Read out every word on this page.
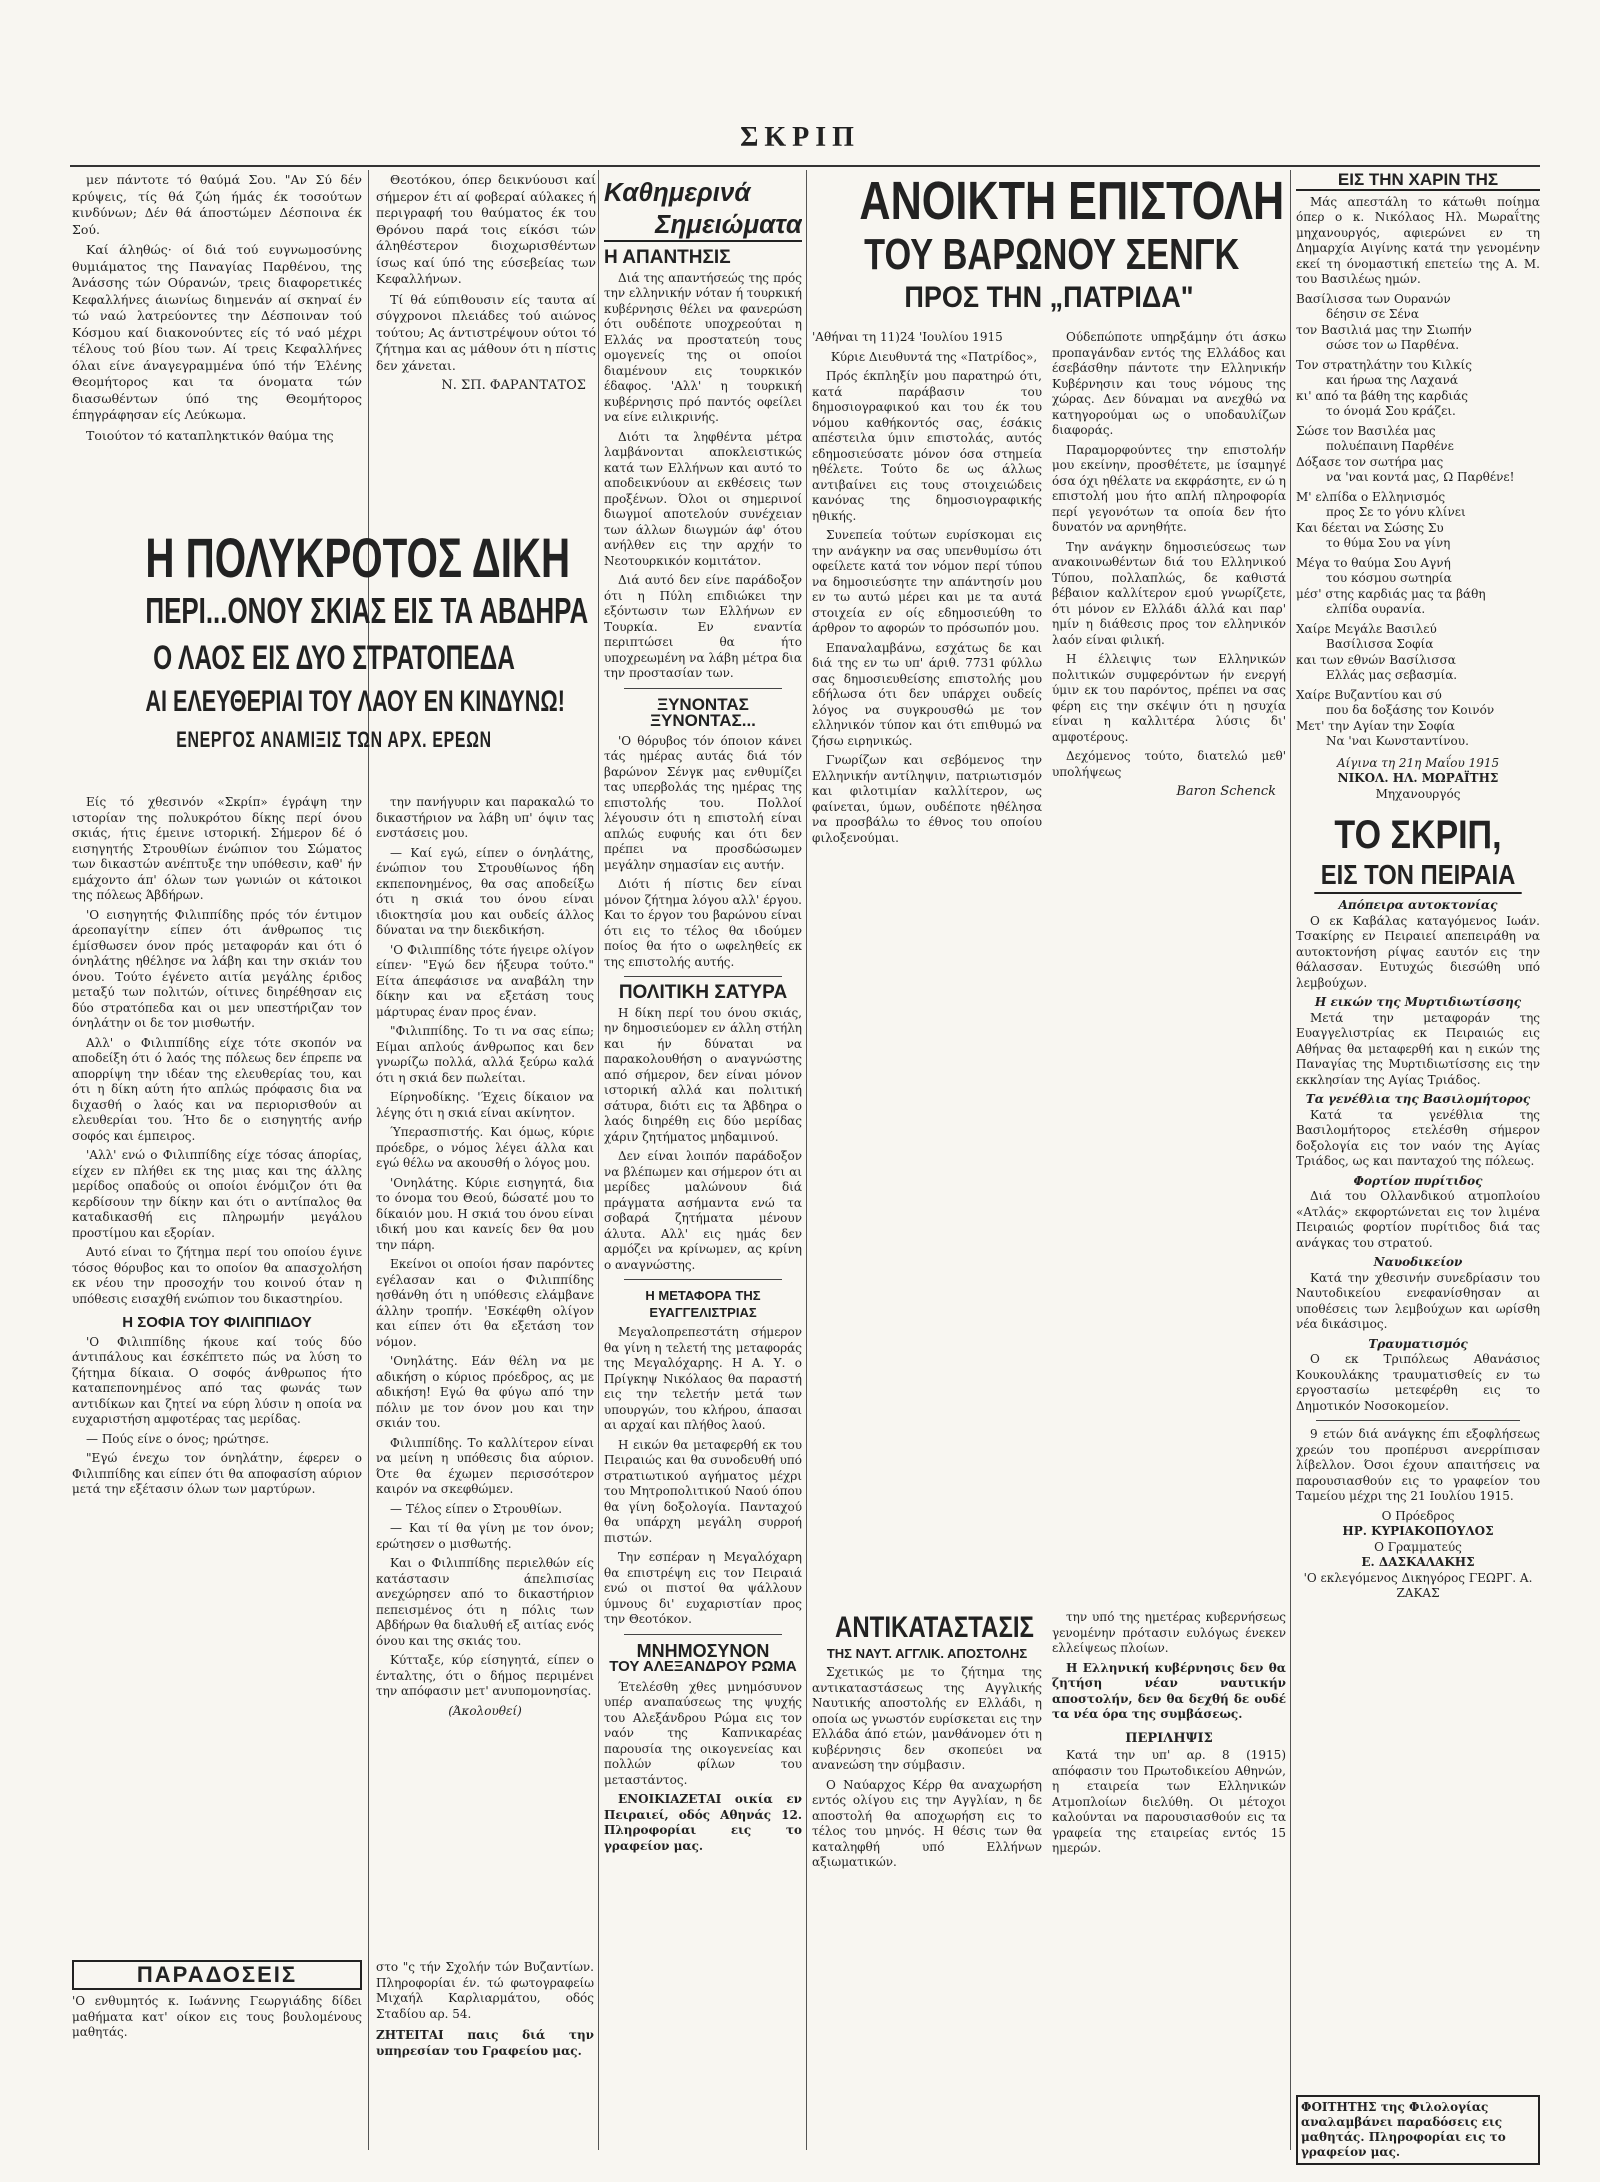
ΣΚΡΙΠ

μεν πάντοτε τό θαύμά Σου. "Αν Σύ δέν κρύψεις, τίς θά ζώη ήμάς έκ τοσούτων κινδύνων; Δέν θά άποστώμεν Δέσποινα έκ Σού.

Καί άληθώς· οί διά τού ευγνωμοσύνης θυμιάματος της Παναγίας Παρθένου, της Άνάσσης τών Ούρανών, τρεις διαφορετικές Κεφαλλήνες άιωνίως διημενάν αί σκηναί έν τώ ναώ λατρεύοντες την Δέσποιναν τού Κόσμου καί διακονούντες είς τό ναό μέχρι τέλους τού βίου των. Αί τρεις Κεφαλλήνες όλαι είνε άναγεγραμμένα ύπό τήν Έλένης Θεομήτορος και τα όνοματα τών διασωθέντων ύπό της Θεομήτορος έπηγράφησαν είς Λεύκωμα.

Τοιούτον τό καταπληκτικόν θαύμα της

Θεοτόκου, όπερ δεικνύουσι καί σήμερον έτι αί φοβεραί αύλακες ή περιγραφή του θαύματος έκ του Θρόνου παρά τοις είκόσι τών άληθέστερον διοχωρισθέντων ίσως καί ύπό της εύσεβείας των Κεφαλλήνων.

Τί θά εύπιθουσιν είς ταυτα αί σύγχρονοι πλειάδες τού αιώνος τούτου; Ας άντιστρέψουν ούτοι τό ζήτημα και ας μάθουν ότι η πίστις δεν χάνεται.

Ν. ΣΠ. ΦΑΡΑΝΤΑΤΟΣ
Η ΠΟΛΥΚΡΟΤΟΣ ΔΙΚΗ
ΠΕΡΙ...ΟΝΟΥ ΣΚΙΑΣ ΕΙΣ ΤΑ ΑΒΔΗΡΑ
Ο ΛΑΟΣ ΕΙΣ ΔΥΟ ΣΤΡΑΤΟΠΕΔΑ
ΑΙ ΕΛΕΥΘΕΡΙΑΙ ΤΟΥ ΛΑΟΥ ΕΝ ΚΙΝΔΥΝΩ!
ΕΝΕΡΓΟΣ ΑΝΑΜΙΞΙΣ ΤΩΝ ΑΡΧ. ΕΡΕΩΝ

Είς τό χθεσινόν «Σκρίπ» έγράψη την ιστορίαν της πολυκρότου δίκης περί όνου σκιάς, ήτις έμεινε ιστορική. Σήμερον δέ ό εισηγητής Στρουθίων ένώπιον του Σώματος των δικαστών ανέπτυξε την υπόθεσιν, καθ' ήν εμάχοντο άπ' όλων των γωνιών οι κάτοικοι της πόλεως Άβδήρων.

'Ο εισηγητής Φιλιππίδης πρός τόν έντιμον άρεοπαγίτην είπεν ότι άνθρωπος τις έμίσθωσεν όνον πρός μεταφοράν και ότι ό όνηλάτης ηθέλησε να λάβη και την σκιάν του όνου. Τούτο έγένετο αιτία μεγάλης έριδος μεταξύ των πολιτών, οίτινες διηρέθησαν εις δύο στρατόπεδα και οι μεν υπεστήριζαν τον όνηλάτην οι δε τον μισθωτήν.

Αλλ' ο Φιλιππίδης είχε τότε σκοπόν να αποδείξη ότι ό λαός της πόλεως δεν έπρεπε να απορρίψη την ιδέαν της ελευθερίας του, και ότι η δίκη αύτη ήτο απλώς πρόφασις δια να διχασθή ο λαός και να περιορισθούν αι ελευθερίαι του. Ήτο δε ο εισηγητής ανήρ σοφός και έμπειρος.

'Αλλ' ενώ ο Φιλιππίδης είχε τόσας άπορίας, είχεν εν πλήθει εκ της μιας και της άλλης μερίδος οπαδούς οι οποίοι ένόμιζον ότι θα κερδίσουν την δίκην και ότι ο αντίπαλος θα καταδικασθή εις πληρωμήν μεγάλου προστίμου και εξορίαν.

Αυτό είναι το ζήτημα περί του οποίου έγινε τόσος θόρυβος και το οποίον θα απασχολήση εκ νέου την προσοχήν του κοινού όταν η υπόθεσις εισαχθή ενώπιον του δικαστηρίου.

Η ΣΟΦΙΑ ΤΟΥ ΦΙΛΙΠΠΙΔΟΥ

'Ο Φιλιππίδης ήκουε καί τούς δύο άντιπάλους και έσκέπτετο πώς να λύση το ζήτημα δίκαια. Ο σοφός άνθρωπος ήτο καταπεπονημένος από τας φωνάς των αντιδίκων και ζητεί να εύρη λύσιν η οποία να ευχαριστήση αμφοτέρας τας μερίδας.

— Πούς είνε ο όνος; ηρώτησε.

"Εγώ ένεχω τον όνηλάτην, έφερεν ο Φιλιππίδης και είπεν ότι θα αποφασίση αύριον μετά την εξέτασιν όλων των μαρτύρων.

ΠΑΡΑΔΟΣΕΙΣ

'Ο ενθυμητός κ. Ιωάννης Γεωργιάδης δίδει μαθήματα κατ' οίκον εις τους βουλομένους μαθητάς.

την πανήγυριν και παρακαλώ το δικαστήριον να λάβη υπ' όψιν τας ενστάσεις μου.

— Καί εγώ, είπεν ο όνηλάτης, ένώπιον του Στρουθίωνος ήδη εκπεπονημένος, θα σας αποδείξω ότι η σκιά του όνου είναι ιδιοκτησία μου και ουδείς άλλος δύναται να την διεκδικήση.

'Ο Φιλιππίδης τότε ήγειρε ολίγον είπεν· "Εγώ δεν ήξευρα τούτο." Είτα άπεφάσισε να αναβάλη την δίκην και να εξετάση τους μάρτυρας έναν προς έναν.

"Φιλιππίδης. Το τι να σας είπω; Είμαι απλούς άνθρωπος και δεν γνωρίζω πολλά, αλλά ξεύρω καλά ότι η σκιά δεν πωλείται.

Είρηνοδίκης. 'Έχεις δίκαιον να λέγης ότι η σκιά είναι ακίνητον.

Ύπερασπιστής. Και όμως, κύριε πρόεδρε, ο νόμος λέγει άλλα και εγώ θέλω να ακουσθή ο λόγος μου.

'Ονηλάτης. Κύριε εισηγητά, δια το όνομα του Θεού, δώσατέ μου το δίκαιόν μου. Η σκιά του όνου είναι ιδική μου και κανείς δεν θα μου την πάρη.

Εκείνοι οι οποίοι ήσαν παρόντες εγέλασαν και ο Φιλιππίδης ησθάνθη ότι η υπόθεσις ελάμβανε άλλην τροπήν. 'Εσκέφθη ολίγον και είπεν ότι θα εξετάση τον νόμον.

'Ονηλάτης. Εάν θέλη να με αδικήση ο κύριος πρόεδρος, ας με αδικήση! Εγώ θα φύγω από την πόλιν με τον όνον μου και την σκιάν του.

Φιλιππίδης. Το καλλίτερον είναι να μείνη η υπόθεσις δια αύριον. Ότε θα έχωμεν περισσότερον καιρόν να σκεφθώμεν.

— Τέλος είπεν ο Στρουθίων.

— Και τί θα γίνη με τον όνον; ερώτησεν ο μισθωτής.

Και ο Φιλιππίδης περιελθών είς κατάστασιν άπελπισίας ανεχώρησεν από το δικαστήριον πεπεισμένος ότι η πόλις των Αβδήρων θα διαλυθή εξ αιτίας ενός όνου και της σκιάς του.

Κύτταξε, κύρ είσηγητά, είπεν ο ένταλτης, ότι ο δήμος περιμένει την απόφασιν μετ' ανυπομονησίας.

(Άκολουθεί)

στο "ς τήν Σχολήν τών Βυζαντίων. Πληροφορίαι έν. τώ φωτογραφείω Μιχαήλ Καρλιαρμάτου, οδός Σταδίου αρ. 54.

ΖΗΤΕΙΤΑΙ παις διά την υπηρεσίαν του Γραφείου μας.

Καθημερινά
Σημειώματα
Η ΑΠΑΝΤΗΣΙΣ

Διά της απαντήσεώς της πρός την ελληνικήν νόταν ή τουρκική κυβέρνησις θέλει να φανερώση ότι ουδέποτε υποχρεούται η Ελλάς να προστατεύη τους ομογενείς της οι οποίοι διαμένουν εις τουρκικόν έδαφος. 'Αλλ' η τουρκική κυβέρνησις πρό παντός οφείλει να είνε ειλικρινής.

Διότι τα ληφθέντα μέτρα λαμβάνονται αποκλειστικώς κατά των Ελλήνων και αυτό το αποδεικνύουν αι εκθέσεις των προξένων. Όλοι οι σημερινοί διωγμοί αποτελούν συνέχειαν των άλλων διωγμών άφ' ότου ανήλθεν εις την αρχήν το Νεοτουρκικόν κομιτάτον.

Διά αυτό δεν είνε παράδοξον ότι η Πύλη επιδιώκει την εξόντωσιν των Ελλήνων εν Τουρκία. Εν εναντία περιπτώσει θα ήτο υποχρεωμένη να λάβη μέτρα δια την προστασίαν των.

ΞΥΝΟΝΤΑΣ ΞΥΝΟΝΤΑΣ...

'Ο θόρυβος τόν όποιον κάνει τάς ημέρας αυτάς διά τόν βαρώνον Σένγκ μας ενθυμίζει τας υπερβολάς της ημέρας της επιστολής του. Πολλοί λέγουσιν ότι η επιστολή είναι απλώς ευφυής και ότι δεν πρέπει να προσδώσωμεν μεγάλην σημασίαν εις αυτήν.

Διότι ή πίστις δεν είναι μόνον ζήτημα λόγου αλλ' έργου. Και το έργον του βαρώνου είναι ότι εις το τέλος θα ιδούμεν ποίος θα ήτο ο ωφεληθείς εκ της επιστολής αυτής.

ΠΟΛΙΤΙΚΗ ΣΑΤΥΡΑ

Η δίκη περί του όνου σκιάς, ην δημοσιεύομεν εν άλλη στήλη και ήν δύναται να παρακολουθήση ο αναγνώστης από σήμερον, δεν είναι μόνον ιστορική αλλά και πολιτική σάτυρα, διότι εις τα Άβδηρα ο λαός διηρέθη εις δύο μερίδας χάριν ζητήματος μηδαμινού.

Δεν είναι λοιπόν παράδοξον να βλέπωμεν και σήμερον ότι αι μερίδες μαλώνουν διά πράγματα ασήμαντα ενώ τα σοβαρά ζητήματα μένουν άλυτα. Αλλ' εις ημάς δεν αρμόζει να κρίνωμεν, ας κρίνη ο αναγνώστης.

Η ΜΕΤΑΦΟΡΑ ΤΗΣ ΕΥΑΓΓΕΛΙΣΤΡΙΑΣ

Μεγαλοπρεπεστάτη σήμερον θα γίνη η τελετή της μεταφοράς της Μεγαλόχαρης. Η Α. Υ. ο Πρίγκηψ Νικόλαος θα παραστή εις την τελετήν μετά των υπουργών, του κλήρου, άπασαι αι αρχαί και πλήθος λαού.

Η εικών θα μεταφερθή εκ του Πειραιώς και θα συνοδευθή υπό στρατιωτικού αγήματος μέχρι του Μητροπολιτικού Ναού όπου θα γίνη δοξολογία. Πανταχού θα υπάρχη μεγάλη συρροή πιστών.

Την εσπέραν η Μεγαλόχαρη θα επιστρέψη εις τον Πειραιά ενώ οι πιστοί θα ψάλλουν ύμνους δι' ευχαριστίαν προς την Θεοτόκον.

ΜΝΗΜΟΣΥΝΟΝ
ΤΟΥ ΑΛΕΞΑΝΔΡΟΥ ΡΩΜΑ

Έτελέσθη χθες μνημόσυνον υπέρ αναπαύσεως της ψυχής του Αλεξάνδρου Ρώμα εις τον ναόν της Καπνικαρέας παρουσία της οικογενείας και πολλών φίλων του μεταστάντος.

ΕΝΟΙΚΙΑΖΕΤΑΙ οικία εν Πειραιεί, οδός Αθηνάς 12. Πληροφορίαι εις το γραφείον μας.

ΑΝΟΙΚΤΗ ΕΠΙΣΤΟΛΗ
ΤΟΥ ΒΑΡΩΝΟΥ ΣΕΝΓΚ
ΠΡΟΣ ΤΗΝ „ΠΑΤΡΙΔΑ"

'Αθήναι τη 11)24 'Ιουλίου 1915

Κύριε Διευθυντά της «Πατρίδος»,

Πρός έκπληξίν μου παρατηρώ ότι, κατά παράβασιν του δημοσιογραφικού και του έκ του νόμου καθήκοντός σας, έσάκις απέστειλα ύμιν επιστολάς, αυτός εδημοσιεύσατε μόνον όσα στημεία ηθέλετε. Τούτο δε ως άλλως αντιβαίνει εις τους στοιχειώδεις κανόνας της δημοσιογραφικής ηθικής.

Συνεπεία τούτων ευρίσκομαι εις την ανάγκην να σας υπενθυμίσω ότι οφείλετε κατά τον νόμον περί τύπου να δημοσιεύσητε την απάντησίν μου εν τω αυτώ μέρει και με τα αυτά στοιχεία εν οίς εδημοσιεύθη το άρθρον το αφορών το πρόσωπόν μου.

Επαναλαμβάνω, εσχάτως δε και διά της εν τω υπ' άριθ. 7731 φύλλω σας δημοσιευθείσης επιστολής μου εδήλωσα ότι δεν υπάρχει ουδείς λόγος να συγκρουσθώ με τον ελληνικόν τύπον και ότι επιθυμώ να ζήσω ειρηνικώς.

Γνωρίζων και σεβόμενος την Ελληνικήν αντίληψιν, πατριωτισμόν και φιλοτιμίαν καλλίτερον, ως φαίνεται, ύμων, ουδέποτε ηθέλησα να προσβάλω το έθνος του οποίου φιλοξενούμαι.

Ούδεπώποτε υπηρξάμην ότι άσκω προπαγάνδαν εντός της Ελλάδος και έσεβάσθην πάντοτε την Ελληνικήν Κυβέρνησιν και τους νόμους της χώρας. Δεν δύναμαι να ανεχθώ να κατηγορούμαι ως ο υποδαυλίζων διαφοράς.

Παραμορφούντες την επιστολήν μου εκείνην, προσθέτετε, με ίσαμηγέ όσα όχι ηθέλατε να εκφράσητε, εν ώ η επιστολή μου ήτο απλή πληροφορία περί γεγονότων τα οποία δεν ήτο δυνατόν να αρνηθήτε.

Την ανάγκην δημοσιεύσεως των ανακοινωθέντων διά του Ελληνικού Τύπου, πολλαπλώς, δε καθιστά βέβαιον καλλίτερον εμού γνωρίζετε, ότι μόνον εν Ελλάδι άλλά και παρ' ημίν η διάθεσις προς τον ελληνικόν λαόν είναι φιλική.

Η έλλειψις των Ελληνικών πολιτικών συμφερόντων ήν ενεργή ύμιν εκ του παρόντος, πρέπει να σας φέρη εις την σκέψιν ότι η ησυχία είναι η καλλιτέρα λύσις δι' αμφοτέρους.

Δεχόμενος τούτο, διατελώ μεθ' υπολήψεως

Baron Schenck
ΑΝΤΙΚΑΤΑΣΤΑΣΙΣ
ΤΗΣ ΝΑΥΤ. ΑΓΓΛΙΚ. ΑΠΟΣΤΟΛΗΣ

Σχετικώς με το ζήτημα της αντικαταστάσεως της Αγγλικής Ναυτικής αποστολής εν Ελλάδι, η οποία ως γνωστόν ευρίσκεται εις την Ελλάδα άπό ετών, μανθάνομεν ότι η κυβέρνησις δεν σκοπεύει να ανανεώση την σύμβασιν.

Ο Ναύαρχος Κέρρ θα αναχωρήση εντός ολίγου εις την Αγγλίαν, η δε αποστολή θα αποχωρήση εις το τέλος του μηνός. Η θέσις των θα καταληφθή υπό Ελλήνων αξιωματικών.

την υπό της ημετέρας κυβερνήσεως γενομένην πρότασιν ευλόγως ένεκεν ελλείψεως πλοίων.

Η Ελληνική κυβέρνησις δεν θα ζητήση νέαν ναυτικήν αποστολήν, δεν θα δεχθή δε ουδέ τα νέα όρα της συμβάσεως.

ΠΕΡΙΛΗΨΙΣ

Κατά την υπ' αρ. 8 (1915) απόφασιν του Πρωτοδικείου Αθηνών, η εταιρεία των Ελληνικών Ατμοπλοίων διελύθη. Οι μέτοχοι καλούνται να παρουσιασθούν εις τα γραφεία της εταιρείας εντός 15 ημερών.

ΕΙΣ ΤΗΝ ΧΑΡΙΝ ΤΗΣ

Μάς απεστάλη το κάτωθι ποίημα όπερ ο κ. Νικόλαος Ηλ. Μωραΐτης μηχανουργός, αφιερώνει εν τη Δημαρχία Αιγίνης κατά την γενομένην εκεί τη όνομαστική επετείω της Α. Μ. του Βασιλέως ημών.

Βασίλισσα των Ουρανών

δέησιν σε Σένα

τον Βασιλιά μας την Σιωπήν

σώσε τον ω Παρθένα.

Τον στρατηλάτην του Κιλκίς

και ήρωα της Λαχανά

κι' από τα βάθη της καρδιάς

το όνομά Σου κράζει.

Σώσε τον Βασιλέα μας

πολυέπαινη Παρθένε

Δόξασε τον σωτήρα μας

να 'ναι κοντά μας, Ω Παρθένε!

Μ' ελπίδα ο Ελληνισμός

προς Σε το γόνυ κλίνει

Και δέεται να Σώσης Συ

το θύμα Σου να γίνη

Μέγα το θαύμα Σου Αγνή

του κόσμου σωτηρία

μέσ' στης καρδιάς μας τα βάθη

ελπίδα ουρανία.

Χαίρε Μεγάλε Βασιλεύ

Βασίλισσα Σοφία

και των εθνών Βασίλισσα

Ελλάς μας σεβασμία.

Χαίρε Βυζαντίου και σύ

που δα δοξάσης τον Κοινόν

Μετ' την Αγίαν την Σοφία

Να 'ναι Κωνσταντίνου.

Αίγινα τη 21η Μαΐου 1915
ΝΙΚΟΛ. ΗΛ. ΜΩΡΑΪΤΗΣ
Μηχανουργός
ΤΟ ΣΚΡΙΠ,
ΕΙΣ ΤΟΝ ΠΕΙΡΑΙΑ
Απόπειρα αυτοκτονίας

Ο εκ Καβάλας καταγόμενος Ιωάν. Τσακίρης εν Πειραιεί απεπειράθη να αυτοκτονήση ρίψας εαυτόν εις την θάλασσαν. Ευτυχώς διεσώθη υπό λεμβούχων.

Η εικών της Μυρτιδιωτίσσης

Μετά την μεταφοράν της Ευαγγελιστρίας εκ Πειραιώς εις Αθήνας θα μεταφερθή και η εικών της Παναγίας της Μυρτιδιωτίσσης εις την εκκλησίαν της Αγίας Τριάδος.

Τα γενέθλια της Βασιλομήτορος

Κατά τα γενέθλια της Βασιλομήτορος ετελέσθη σήμερον δοξολογία εις τον ναόν της Αγίας Τριάδος, ως και πανταχού της πόλεως.

Φορτίον πυρίτιδος

Διά του Ολλανδικού ατμοπλοίου «Ατλάς» εκφορτώνεται εις τον λιμένα Πειραιώς φορτίον πυρίτιδος διά τας ανάγκας του στρατού.

Ναυοδικείον

Κατά την χθεσινήν συνεδρίασιν του Ναυτοδικείου ενεφανίσθησαν αι υποθέσεις των λεμβούχων και ωρίσθη νέα δικάσιμος.

Τραυματισμός

Ο εκ Τριπόλεως Αθανάσιος Κουκουλάκης τραυματισθείς εν τω εργοστασίω μετεφέρθη εις το Δημοτικόν Νοσοκομείον.

9 ετών διά ανάγκης έπι εξοφλήσεως χρεών του προπέρυσι ανερρίπισαν λίβελλον. Όσοι έχουν απαιτήσεις να παρουσιασθούν εις το γραφείον του Ταμείου μέχρι της 21 Ιουλίου 1915.

Ο Πρόεδρος
ΗΡ. ΚΥΡΙΑΚΟΠΟΥΛΟΣ
Ο Γραμματεύς
Ε. ΔΑΣΚΑΛΑΚΗΣ
'Ο εκλεγόμενος Δικηγόρος ΓΕΩΡΓ. Α. ΖΑΚΑΣ
ΦΟΙΤΗΤΗΣ της Φιλολογίας αναλαμβάνει παραδόσεις εις μαθητάς. Πληροφορίαι εις το γραφείον μας.
